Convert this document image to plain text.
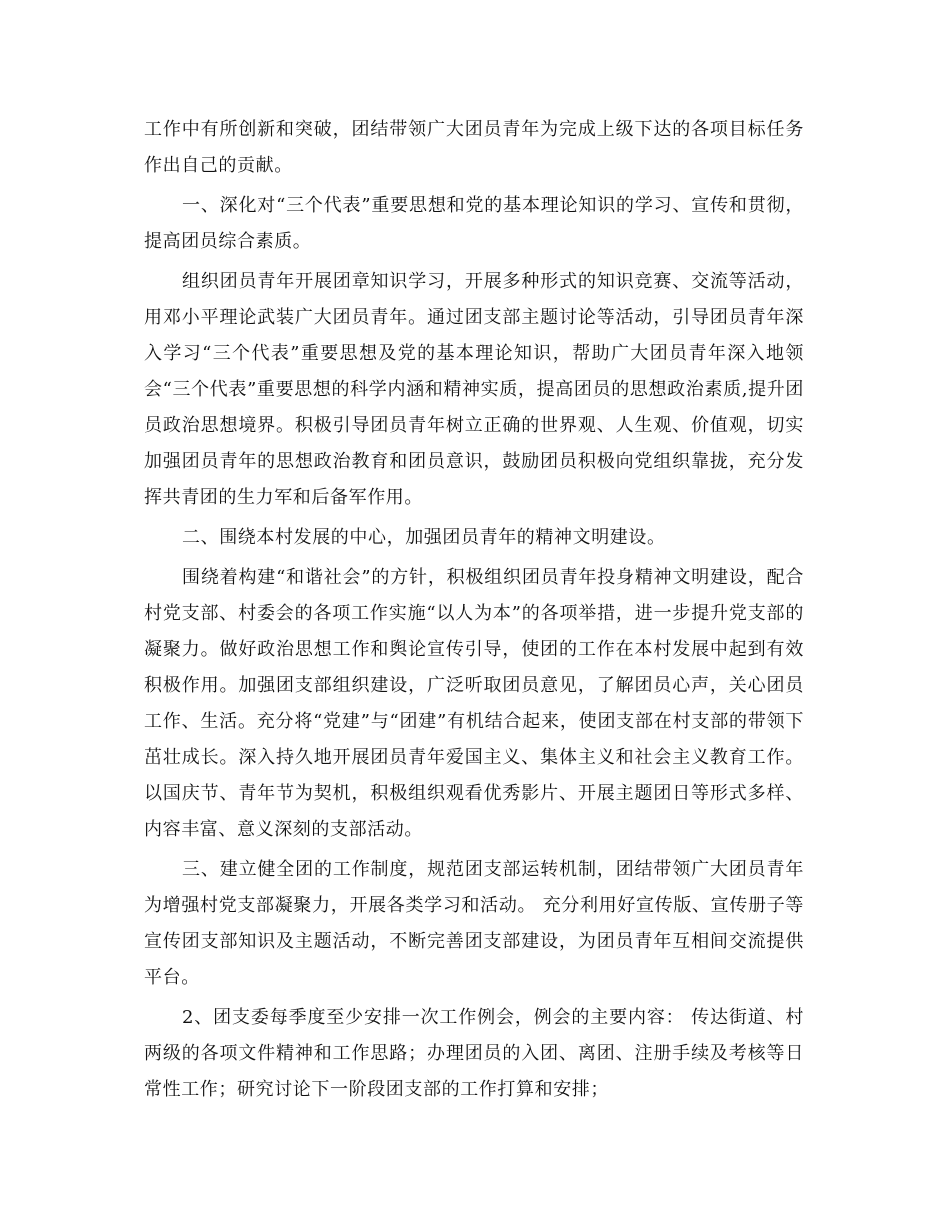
工作中有所创新和突破，团结带领广大团员青年为完成上级下达的各项目标任务作出自己的贡献。

一、深化对“三个代表”重要思想和党的基本理论知识的学习、宣传和贯彻，提高团员综合素质。

组织团员青年开展团章知识学习，开展多种形式的知识竞赛、交流等活动，用邓小平理论武装广大团员青年。通过团支部主题讨论等活动，引导团员青年深入学习“三个代表”重要思想及党的基本理论知识，帮助广大团员青年深入地领会“三个代表”重要思想的科学内涵和精神实质，提高团员的思想政治素质,提升团员政治思想境界。积极引导团员青年树立正确的世界观、人生观、价值观，切实加强团员青年的思想政治教育和团员意识，鼓励团员积极向党组织靠拢，充分发挥共青团的生力军和后备军作用。

二、围绕本村发展的中心，加强团员青年的精神文明建设。

围绕着构建“和谐社会”的方针，积极组织团员青年投身精神文明建设，配合村党支部、村委会的各项工作实施“以人为本”的各项举措，进一步提升党支部的凝聚力。做好政治思想工作和舆论宣传引导，使团的工作在本村发展中起到有效积极作用。加强团支部组织建设，广泛听取团员意见，了解团员心声，关心团员工作、生活。充分将“党建”与“团建”有机结合起来，使团支部在村支部的带领下茁壮成长。深入持久地开展团员青年爱国主义、集体主义和社会主义教育工作。以国庆节、青年节为契机，积极组织观看优秀影片、开展主题团日等形式多样、内容丰富、意义深刻的支部活动。

三、建立健全团的工作制度，规范团支部运转机制，团结带领广大团员青年为增强村党支部凝聚力，开展各类学习和活动。 充分利用好宣传版、宣传册子等宣传团支部知识及主题活动，不断完善团支部建设，为团员青年互相间交流提供平台。

2、团支委每季度至少安排一次工作例会，例会的主要内容： 传达街道、村两级的各项文件精神和工作思路；办理团员的入团、离团、注册手续及考核等日常性工作；研究讨论下一阶段团支部的工作打算和安排；
